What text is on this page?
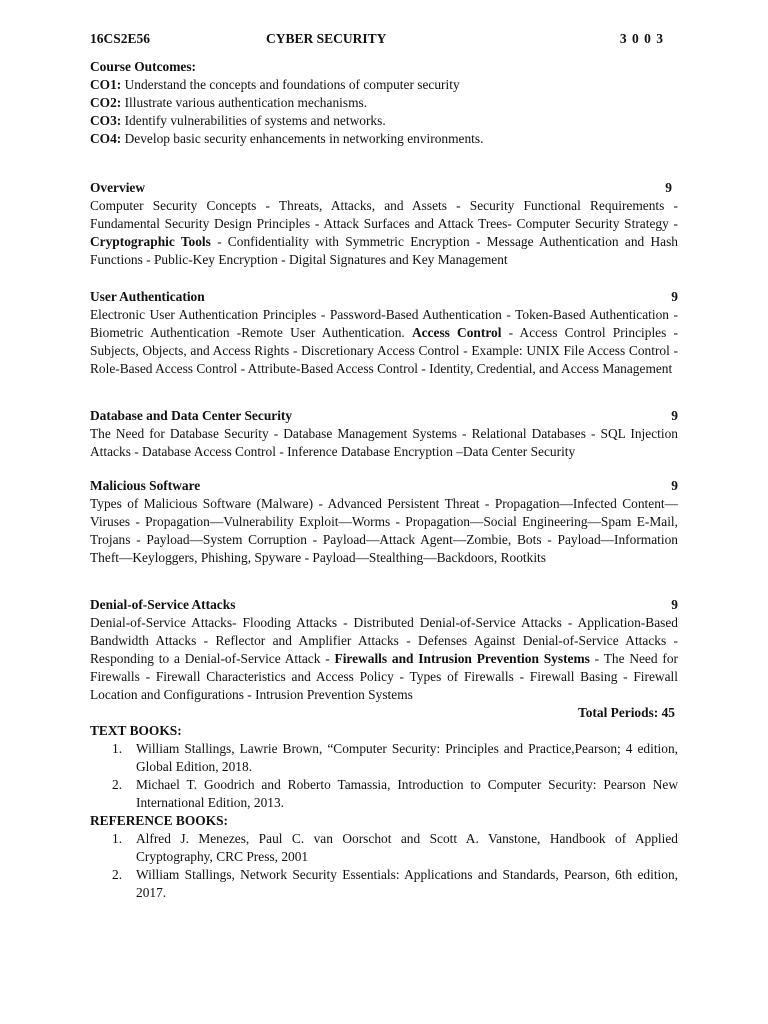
16CS2E56	CYBER SECURITY	3 0 0 3
Course Outcomes:
CO1: Understand the concepts and foundations of computer security
CO2: Illustrate various authentication mechanisms.
CO3: Identify vulnerabilities of systems and networks.
CO4: Develop basic security enhancements in networking environments.
Overview	9
Computer Security Concepts - Threats, Attacks, and Assets - Security Functional Requirements - Fundamental Security Design Principles - Attack Surfaces and Attack Trees- Computer Security Strategy - Cryptographic Tools - Confidentiality with Symmetric Encryption - Message Authentication and Hash Functions - Public-Key Encryption - Digital Signatures and Key Management
User Authentication	9
Electronic User Authentication Principles - Password-Based Authentication - Token-Based Authentication - Biometric Authentication -Remote User Authentication. Access Control - Access Control Principles - Subjects, Objects, and Access Rights - Discretionary Access Control - Example: UNIX File Access Control - Role-Based Access Control - Attribute-Based Access Control - Identity, Credential, and Access Management
Database and Data Center Security	9
The Need for Database Security - Database Management Systems - Relational Databases - SQL Injection Attacks - Database Access Control - Inference Database Encryption –Data Center Security
Malicious Software	9
Types of Malicious Software (Malware) - Advanced Persistent Threat - Propagation—Infected Content—Viruses - Propagation—Vulnerability Exploit—Worms - Propagation—Social Engineering—Spam E-Mail, Trojans - Payload—System Corruption - Payload—Attack Agent—Zombie, Bots - Payload—Information Theft—Keyloggers, Phishing, Spyware - Payload—Stealthing—Backdoors, Rootkits
Denial-of-Service Attacks	9
Denial-of-Service Attacks- Flooding Attacks - Distributed Denial-of-Service Attacks - Application-Based Bandwidth Attacks - Reflector and Amplifier Attacks - Defenses Against Denial-of-Service Attacks - Responding to a Denial-of-Service Attack - Firewalls and Intrusion Prevention Systems - The Need for Firewalls - Firewall Characteristics and Access Policy - Types of Firewalls - Firewall Basing - Firewall Location and Configurations - Intrusion Prevention Systems
Total Periods: 45
TEXT BOOKS:
1. William Stallings, Lawrie Brown, “Computer Security: Principles and Practice,Pearson; 4 edition, Global Edition, 2018.
2. Michael T. Goodrich and Roberto Tamassia, Introduction to Computer Security: Pearson New International Edition, 2013.
REFERENCE BOOKS:
1. Alfred J. Menezes, Paul C. van Oorschot and Scott A. Vanstone, Handbook of Applied Cryptography, CRC Press, 2001
2. William Stallings, Network Security Essentials: Applications and Standards, Pearson, 6th edition, 2017.
